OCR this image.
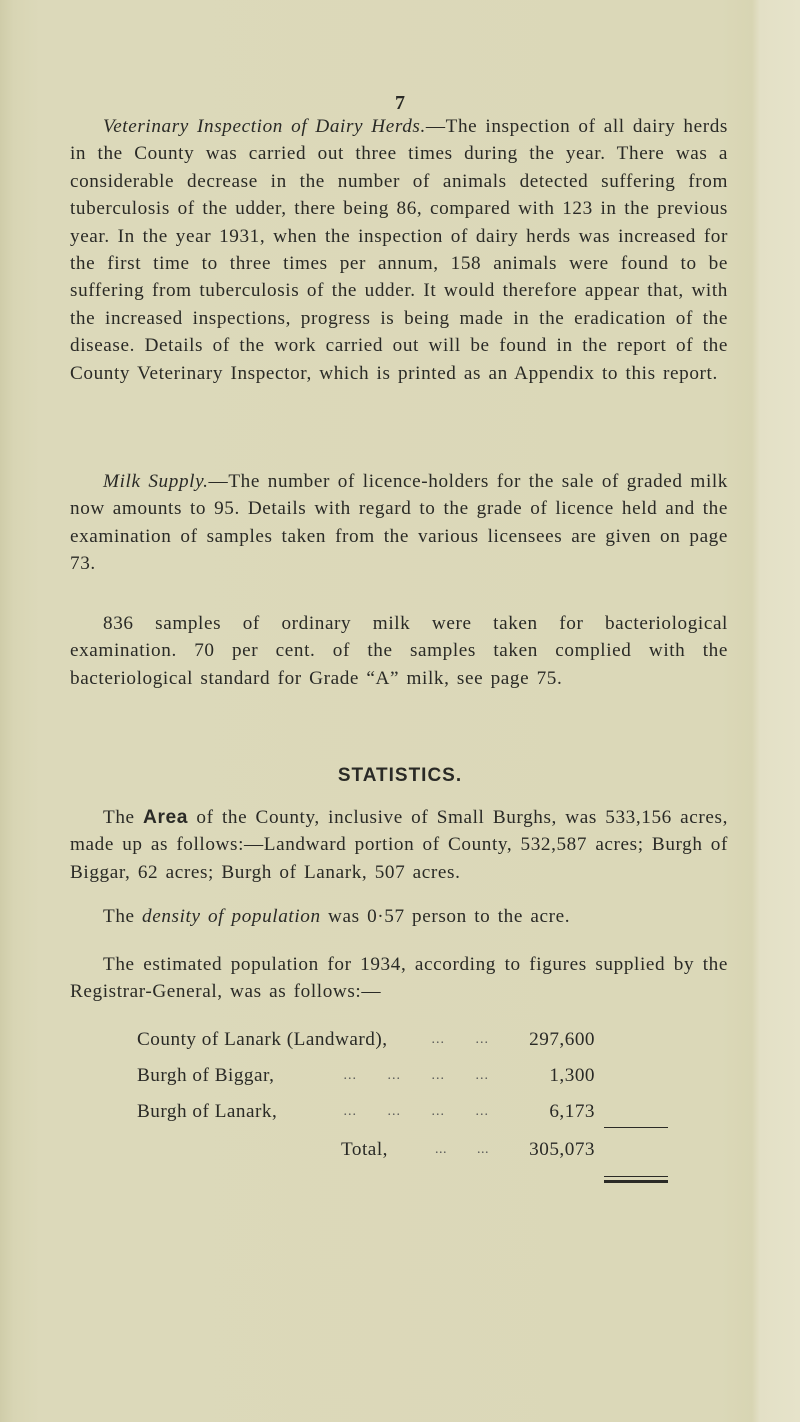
7

Veterinary Inspection of Dairy Herds.—The inspection of all dairy herds in the County was carried out three times during the year. There was a considerable decrease in the number of animals detected suffering from tuberculosis of the udder, there being 86, compared with 123 in the previous year. In the year 1931, when the inspection of dairy herds was increased for the first time to three times per annum, 158 animals were found to be suffering from tuberculosis of the udder. It would therefore appear that, with the increased inspections, progress is being made in the eradication of the disease. Details of the work carried out will be found in the report of the County Veterinary Inspector, which is printed as an Appendix to this report.

Milk Supply.—The number of licence-holders for the sale of graded milk now amounts to 95. Details with regard to the grade of licence held and the examination of samples taken from the various licensees are given on page 73.

836 samples of ordinary milk were taken for bacteriological examination. 70 per cent. of the samples taken complied with the bacteriological standard for Grade “A” milk, see page 75.

STATISTICS.

The Area of the County, inclusive of Small Burghs, was 533,156 acres, made up as follows:—Landward portion of County, 532,587 acres; Burgh of Biggar, 62 acres; Burgh of Lanark, 507 acres.

The density of population was 0·57 person to the acre.

The estimated population for 1934, according to figures supplied by the Registrar-General, was as follows:—

County of Lanark (Landward),	... ...	297,600
Burgh of Biggar,	... ... ... ...	1,300
Burgh of Lanark,	... ... ... ...	6,173
Total,	... ...	305,073
